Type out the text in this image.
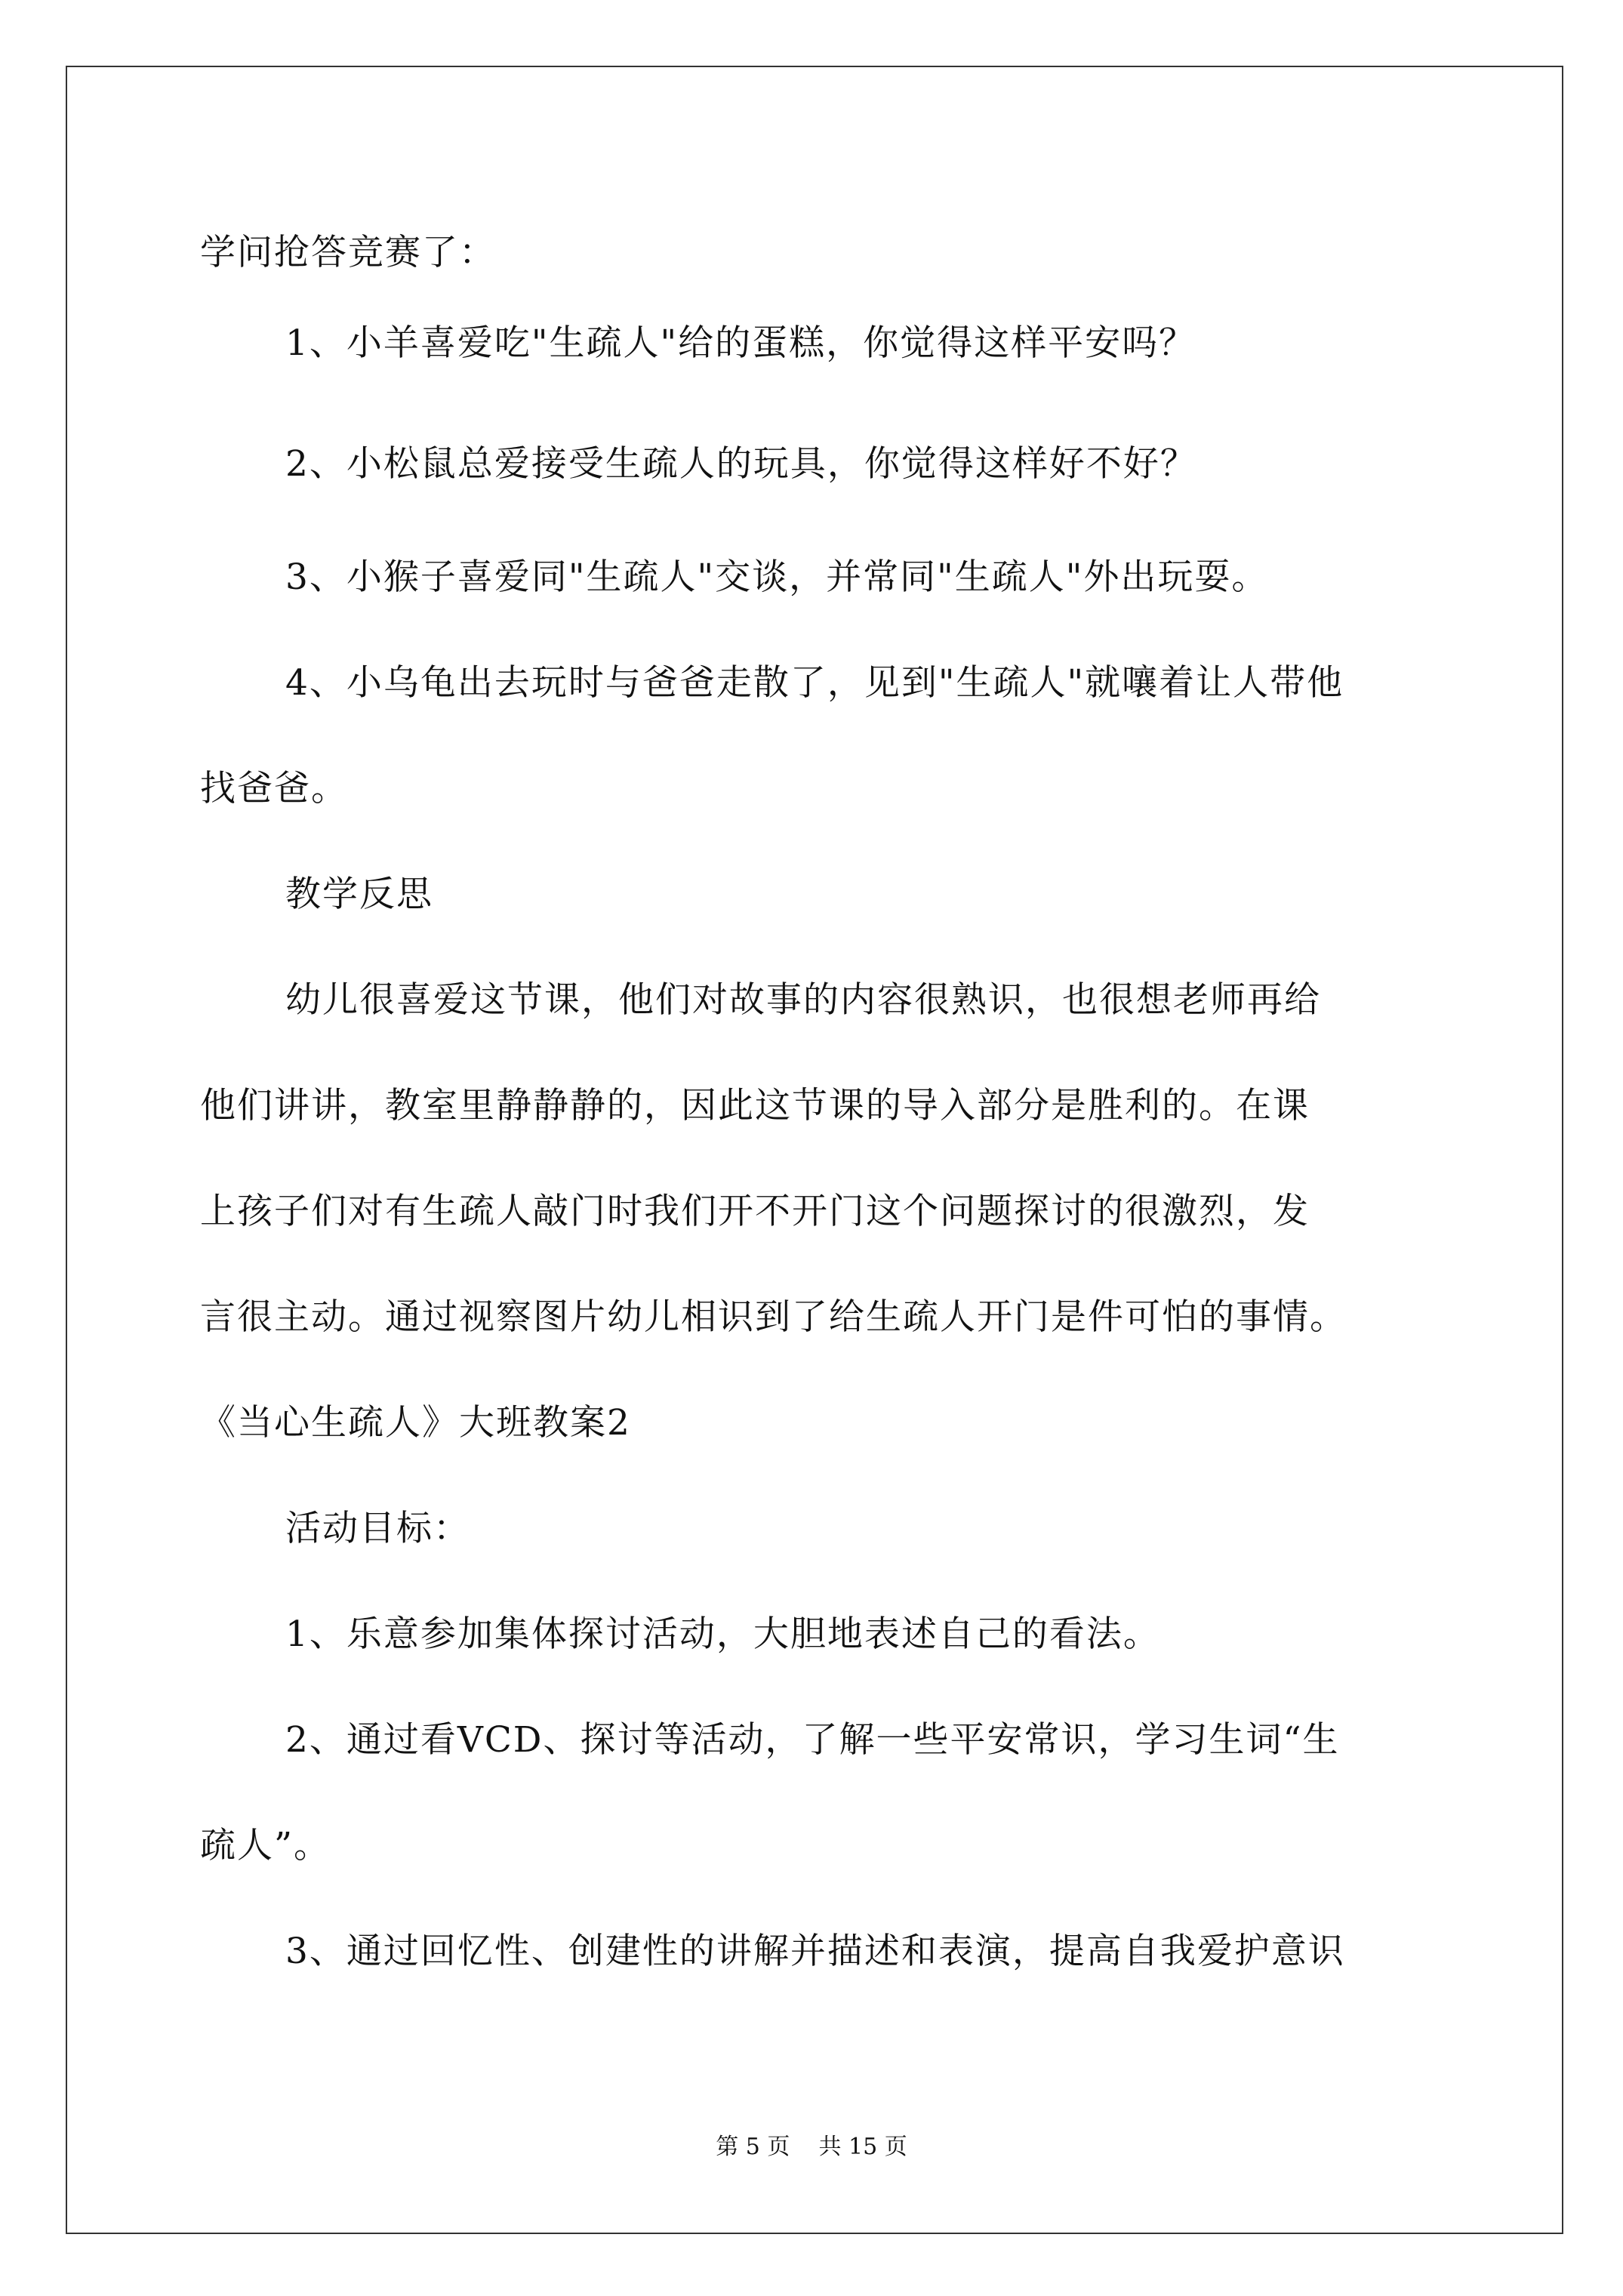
学问抢答竞赛了：
1、小羊喜爱吃"生疏人"给的蛋糕，你觉得这样平安吗？
2、小松鼠总爱接受生疏人的玩具，你觉得这样好不好？
3、小猴子喜爱同"生疏人"交谈，并常同"生疏人"外出玩耍。
4、小乌龟出去玩时与爸爸走散了，见到"生疏人"就嚷着让人带他
找爸爸。
教学反思
幼儿很喜爱这节课，他们对故事的内容很熟识，也很想老师再给
他们讲讲，教室里静静静的，因此这节课的导入部分是胜利的。在课
上孩子们对有生疏人敲门时我们开不开门这个问题探讨的很激烈，发
言很主动。通过视察图片幼儿相识到了给生疏人开门是件可怕的事情。
《当心生疏人》大班教案2
活动目标：
1、乐意参加集体探讨活动，大胆地表述自己的看法。
2、通过看VCD、探讨等活动，了解一些平安常识，学习生词“生
疏人”。
3、通过回忆性、创建性的讲解并描述和表演，提高自我爱护意识
第 5 页    共 15 页
